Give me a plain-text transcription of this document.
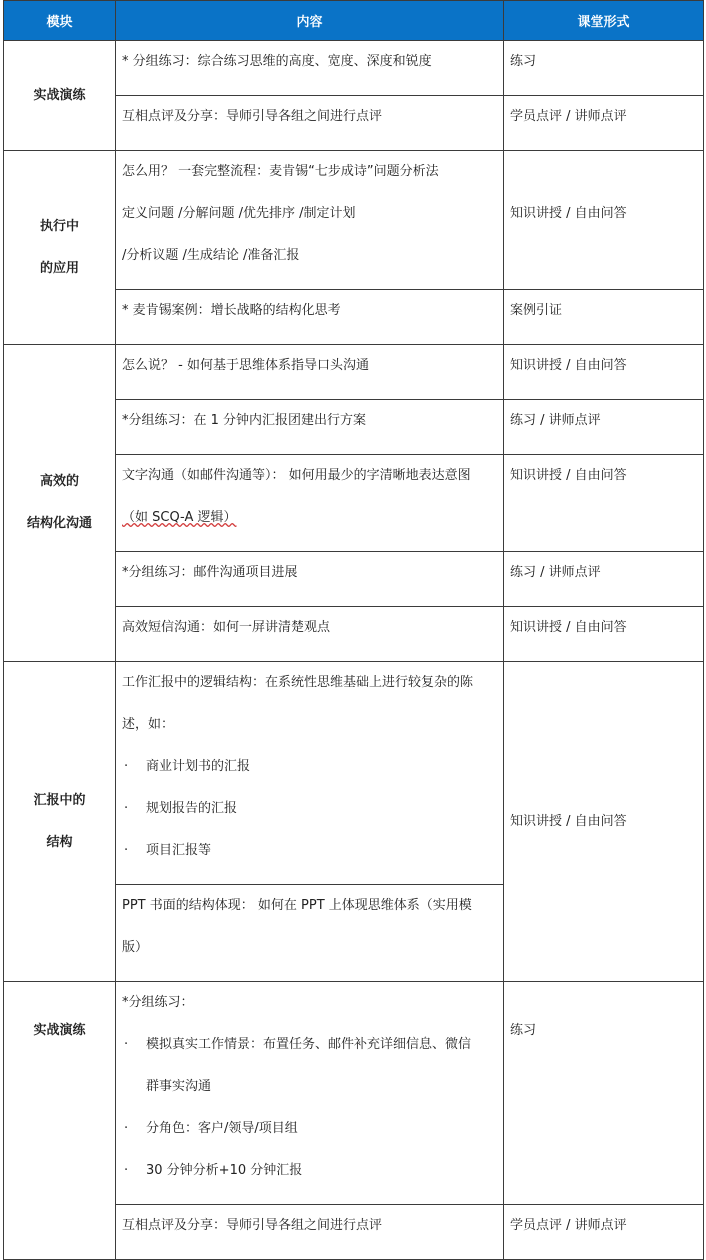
模块	内容	课堂形式

实战演练	* 分组练习：综合练习思维的高度、宽度、深度和锐度	练习

	互相点评及分享：导师引导各组之间进行点评	学员点评 / 讲师点评

执行中
的应用	怎么用？ 一套完整流程：麦肯锡“七步成诗”问题分析法
定义问题 /分解问题 /优先排序 /制定计划
/分析议题 /生成结论 /准备汇报	知识讲授 / 自由问答

	* 麦肯锡案例：增长战略的结构化思考	案例引证

高效的
结构化沟通	怎么说？ - 如何基于思维体系指导口头沟通	知识讲授 / 自由问答

	*分组练习：在 1 分钟内汇报团建出行方案	练习 / 讲师点评

	文字沟通（如邮件沟通等）： 如何用最少的字清晰地表达意图
（如 SCQ-A 逻辑）	知识讲授 / 自由问答

	*分组练习：邮件沟通项目进展	练习 / 讲师点评

	高效短信沟通：如何一屏讲清楚观点	知识讲授 / 自由问答

汇报中的
结构	工作汇报中的逻辑结构：在系统性思维基础上进行较复杂的陈
述，如：
· 商业计划书的汇报
· 规划报告的汇报
· 项目汇报等	知识讲授 / 自由问答

	PPT 书面的结构体现： 如何在 PPT 上体现思维体系（实用模
版）	

实战演练	*分组练习：
· 模拟真实工作情景：布置任务、邮件补充详细信息、微信
群事实沟通
· 分角色：客户/领导/项目组
· 30 分钟分析+10 分钟汇报	练习

	互相点评及分享：导师引导各组之间进行点评	学员点评 / 讲师点评
